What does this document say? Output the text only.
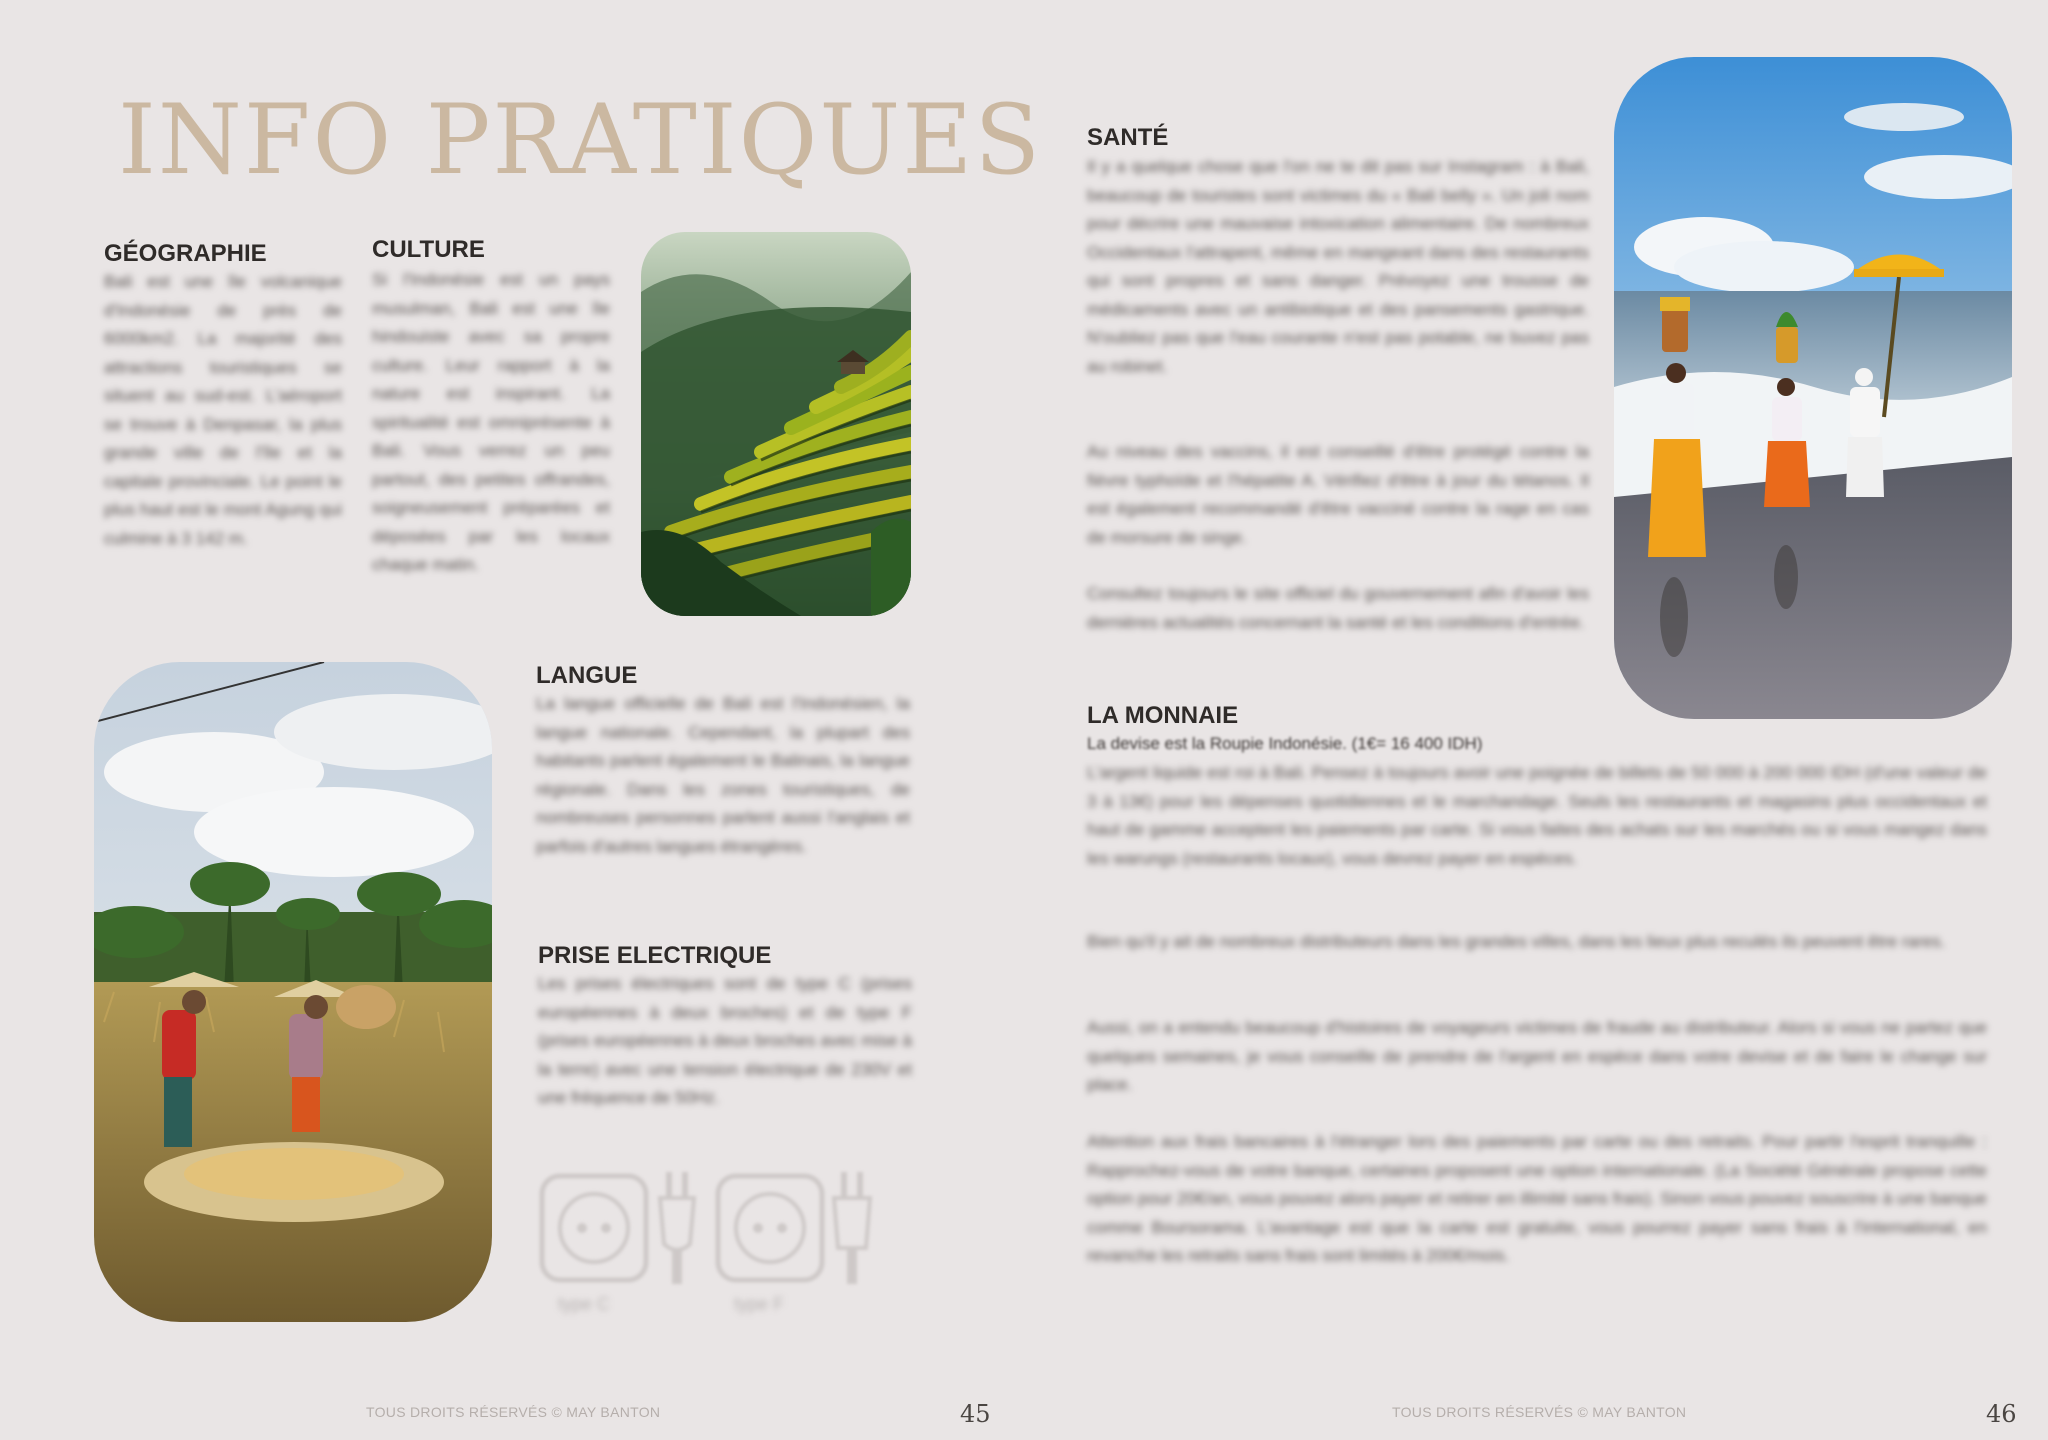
INFO PRATIQUES
GÉOGRAPHIE
Bali est une île volcanique d'Indonésie de près de 6000km2. La majorité des attractions touristiques se situent au sud-est. L'aéroport se trouve à Denpasar, la plus grande ville de l'île et la capitale provinciale. Le point le plus haut est le mont Agung qui culmine à 3 142 m.
CULTURE
Si l'Indonésie est un pays musulman, Bali est une île hindouiste avec sa propre culture. Leur rapport à la nature est inspirant. La spiritualité est omniprésente à Bali. Vous verrez un peu partout, des petites offrandes, soigneusement préparées et déposées par les locaux chaque matin.
LANGUE
La langue officielle de Bali est l'Indonésien, la langue nationale. Cependant, la plupart des habitants parlent également le Balinais, la langue régionale. Dans les zones touristiques, de nombreuses personnes parlent aussi l'anglais et parfois d'autres langues étrangères.
PRISE ELECTRIQUE
Les prises électriques sont de type C (prises européennes à deux broches) et de type F (prises européennes à deux broches avec mise à la terre) avec une tension électrique de 230V et une fréquence de 50Hz.
type C	type F
TOUS DROITS RÉSERVÉS © MAY BANTON	45
SANTÉ
Il y a quelque chose que l'on ne te dit pas sur Instagram : à Bali, beaucoup de touristes sont victimes du « Bali belly ». Un joli nom pour décrire une mauvaise intoxication alimentaire. De nombreux Occidentaux l'attrapent, même en mangeant dans des restaurants qui sont propres et sans danger. Prévoyez une trousse de médicaments avec un antibiotique et des pansements gastrique. N'oubliez pas que l'eau courante n'est pas potable, ne buvez pas au robinet.
Au niveau des vaccins, il est conseillé d'être protégé contre la fièvre typhoïde et l'hépatite A. Vérifiez d'être à jour du tétanos. Il est également recommandé d'être vacciné contre la rage en cas de morsure de singe.
Consultez toujours le site officiel du gouvernement afin d'avoir les dernières actualités concernant la santé et les conditions d'entrée.
LA MONNAIE
La devise est la Roupie Indonésie. (1€= 16 400 IDH)
L'argent liquide est roi à Bali. Pensez à toujours avoir une poignée de billets de 50 000 à 200 000 IDH (d'une valeur de 3 à 13€) pour les dépenses quotidiennes et le marchandage. Seuls les restaurants et magasins plus occidentaux et haut de gamme acceptent les paiements par carte. Si vous faites des achats sur les marchés ou si vous mangez dans les warungs (restaurants locaux), vous devrez payer en espèces.
Bien qu'il y ait de nombreux distributeurs dans les grandes villes, dans les lieux plus reculés ils peuvent être rares.
Aussi, on a entendu beaucoup d'histoires de voyageurs victimes de fraude au distributeur. Alors si vous ne partez que quelques semaines, je vous conseille de prendre de l'argent en espèce dans votre devise et de faire le change sur place.
Attention aux frais bancaires à l'étranger lors des paiements par carte ou des retraits. Pour partir l'esprit tranquille : Rapprochez-vous de votre banque, certaines proposent une option internationale. (La Société Générale propose cette option pour 20€/an, vous pouvez alors payer et retirer en illimité sans frais). Sinon vous pouvez souscrire à une banque comme Boursorama. L'avantage est que la carte est gratuite, vous pourrez payer sans frais à l'international, en revanche les retraits sans frais sont limités à 200€/mois.
TOUS DROITS RÉSERVÉS © MAY BANTON	46
